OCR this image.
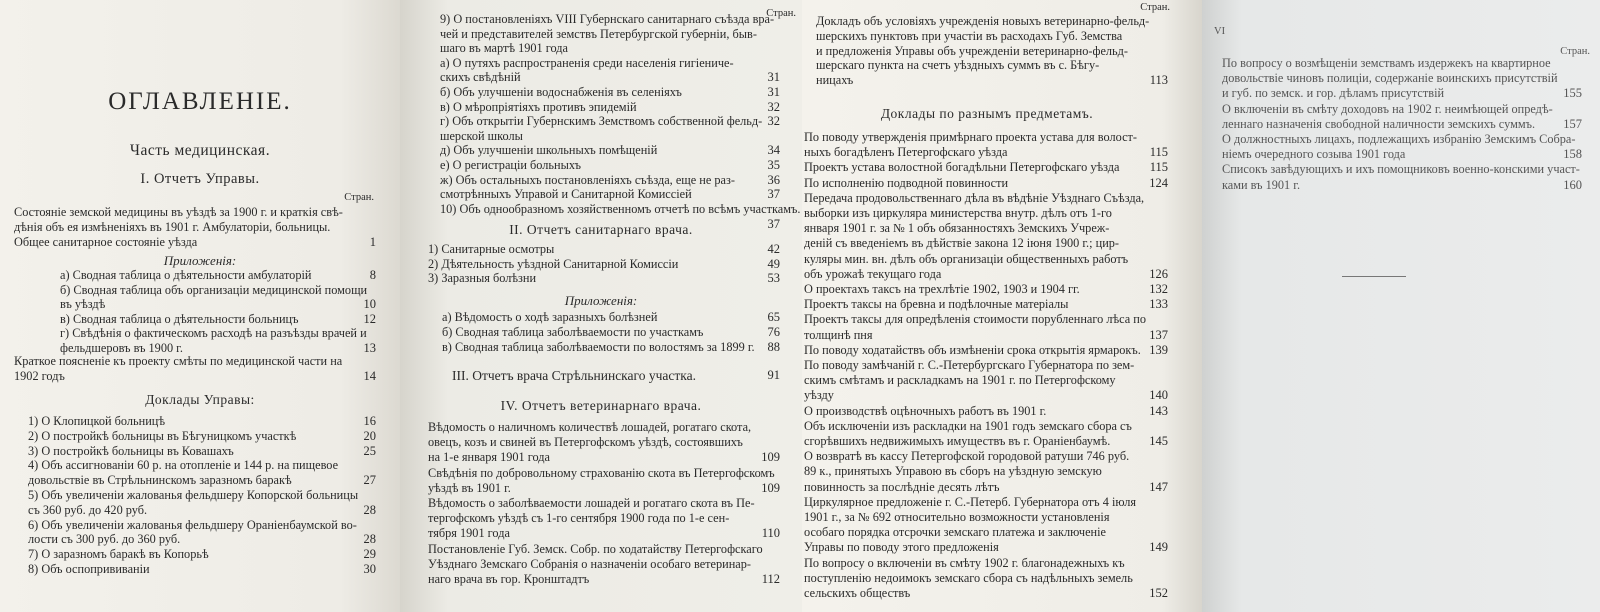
ОГЛАВЛЕНІЕ.
Часть медицинская.
I. Отчетъ Управы.
Стран.
Состояніе земской медицины въ уѣздѣ за 1900 г. и краткія свѣ-
дѣнія объ ея измѣненіяхъ въ 1901 г. Амбулаторіи, больницы.
Общее санитарное состояніе уѣзда	1
Приложенія:
а) Сводная таблица о дѣятельности амбулаторій	8
б) Сводная таблица объ организаціи медицинской помощи
въ уѣздѣ	10
в) Сводная таблица о дѣятельности больницъ	12
г) Свѣдѣнія о фактическомъ расходѣ на разъѣзды врачей и
фельдшеровъ въ 1900 г.	13
Краткое поясненіе къ проекту смѣты по медицинской части на
1902 годъ	14
Доклады Управы:
1) О Клопицкой больницѣ	16
2) О постройкѣ больницы въ Бѣгуницкомъ участкѣ	20
3) О постройкѣ больницы въ Ковашахъ	25
4) Объ ассигнованіи 60 р. на отопленіе и 144 р. на пищевое
довольствіе въ Стрѣльнинскомъ заразномъ баракѣ	27
5) Объ увеличеніи жалованья фельдшеру Копорской больницы
съ 360 руб. до 420 руб.	28
6) Объ увеличеніи жалованья фельдшеру Ораніенбаумской во-
лости съ 300 руб. до 360 руб.	28
7) О заразномъ баракѣ въ Копорьѣ	29
8) Объ оспопрививаніи	30
Стран.
9) О постановленіяхъ VIII Губернскаго санитарнаго съѣзда вра-
чей и представителей земствъ Петербургской губерніи, быв-
шаго въ мартѣ 1901 года
а) О путяхъ распространенія среди населенія гигіениче-
скихъ свѣдѣній	31
б) Объ улучшеніи водоснабженія въ селеніяхъ	31
в) О мѣропріятіяхъ противъ эпидемій	32
г) Объ открытіи Губернскимъ Земствомъ собственной фельд- 32
шерской школы
д) Объ улучшеніи школьныхъ помѣщеній	34
е) О регистраціи больныхъ	35
ж) Объ остальныхъ постановленіяхъ съѣзда, еще не раз-	36
смотрѣнныхъ Управой и Санитарной Комиссіей	37
10) Объ однообразномъ хозяйственномъ отчетѣ по всѣмъ участкамъ.
37
II. Отчетъ санитарнаго врача.
1) Санитарные осмотры	42
2) Дѣятельность уѣздной Санитарной Комиссіи	49
3) Заразныя болѣзни	53
Приложенія:
а) Вѣдомость о ходѣ заразныхъ болѣзней	65
б) Сводная таблица заболѣваемости по участкамъ	76
в) Сводная таблица заболѣваемости по волостямъ за 1899 г. 88
III. Отчетъ врача Стрѣльнинскаго участка.	91
IV. Отчетъ ветеринарнаго врача.
Вѣдомость о наличномъ количествѣ лошадей, рогатаго скота,
овецъ, козъ и свиней въ Петергофскомъ уѣздѣ, состоявшихъ
на 1-е января 1901 года	109
Свѣдѣнія по добровольному страхованію скота въ Петергофскомъ
уѣздѣ въ 1901 г.	109
Вѣдомость о заболѣваемости лошадей и рогатаго скота въ Пе-
тергофскомъ уѣздѣ съ 1-го сентября 1900 года по 1-е сен-
тября 1901 года	110
Постановленіе Губ. Земск. Собр. по ходатайству Петергофскаго
Уѣзднаго Земскаго Собранія о назначеніи особаго ветеринар-
наго врача въ гор. Кронштадтъ	112
Стран.
Докладъ объ условіяхъ учрежденія новыхъ ветеринарно-фельд-
шерскихъ пунктовъ при участіи въ расходахъ Губ. Земства
и предложенія Управы объ учрежденіи ветеринарно-фельд-
шерскаго пункта на счетъ уѣздныхъ суммъ въ с. Бѣгу-
ницахъ	113
Доклады по разнымъ предметамъ.
По поводу утвержденія примѣрнаго проекта устава для волост-
ныхъ богадѣленъ Петергофскаго уѣзда	115
Проектъ устава волостной богадѣльни Петергофскаго уѣзда 115
По исполненію подводной повинности	124
Передача продовольственнаго дѣла въ вѣдѣніе Уѣзднаго Съѣзда,
выборки изъ циркуляра министерства внутр. дѣлъ отъ 1-го
января 1901 г. за № 1 объ обязанностяхъ Земскихъ Учреж-
деній съ введеніемъ въ дѣйствіе закона 12 іюня 1900 г.; цир-
куляры мин. вн. дѣлъ объ организаціи общественныхъ работъ
объ урожаѣ текущаго года	126
О проектахъ таксъ на трехлѣтіе 1902, 1903 и 1904 гг.	132
Проектъ таксы на бревна и подѣлочные матеріалы	133
Проектъ таксы для опредѣленія стоимости порубленнаго лѣса по
толщинѣ пня	137
По поводу ходатайствъ объ измѣненіи срока открытія ярмарокъ. 139
По поводу замѣчаній г. С.-Петербургскаго Губернатора по зем-
скимъ смѣтамъ и раскладкамъ на 1901 г. по Петергофскому
уѣзду	140
О производствѣ оцѣночныхъ работъ въ 1901 г.	143
Объ исключеніи изъ раскладки на 1901 годъ земскаго сбора съ
сгорѣвшихъ недвижимыхъ имуществъ въ г. Ораніенбаумѣ.	145
О возвратѣ въ кассу Петергофской городовой ратуши 746 руб.
89 к., принятыхъ Управою въ сборъ на уѣздную земскую
повинность за послѣдніе десять лѣтъ	147
Циркулярное предложеніе г. С.-Петерб. Губернатора отъ 4 іюля
1901 г., за № 692 относительно возможности установленія
особаго порядка отсрочки земскаго платежа и заключеніе
Управы по поводу этого предложенія	149
По вопросу о включеніи въ смѣту 1902 г. благонадежныхъ къ
поступленію недоимокъ земскаго сбора съ надѣльныхъ земель
сельскихъ обществъ	152
VI
Стран.
По вопросу о возмѣщеніи земствамъ издержекъ на квартирное
довольствіе чиновъ полиціи, содержаніе воинскихъ присутствій
и губ. по земск. и гор. дѣламъ присутствій	155
О включеніи въ смѣту доходовъ на 1902 г. неимѣющей опредѣ-
леннаго назначенія свободной наличности земскихъ суммъ. 157
О должностныхъ лицахъ, подлежащихъ избранію Земскимъ Собра-
ніемъ очередного созыва 1901 года	158
Списокъ завѣдующихъ и ихъ помощниковъ военно-конскими участ-
ками въ 1901 г.	160
